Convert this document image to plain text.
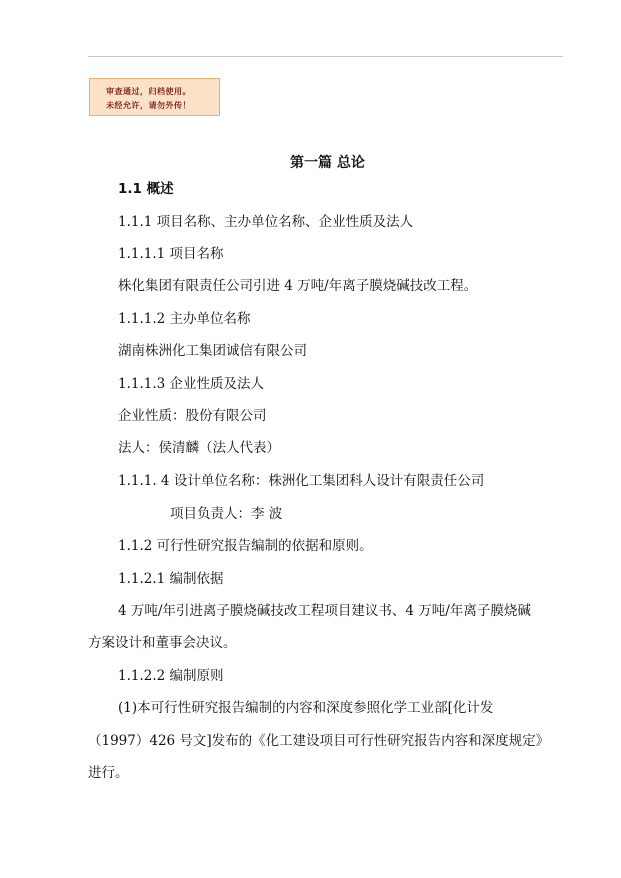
审查通过，归档使用。
未经允许，请勿外传！
第一篇 总论
1.1 概述
1.1.1 项目名称、主办单位名称、企业性质及法人
1.1.1.1 项目名称
株化集团有限责任公司引进 4 万吨/年离子膜烧碱技改工程。
1.1.1.2 主办单位名称
湖南株洲化工集团诚信有限公司
1.1.1.3 企业性质及法人
企业性质：股份有限公司
法人：侯清麟（法人代表）
1.1.1. 4 设计单位名称：株洲化工集团科人设计有限责任公司
项目负责人：李 波
1.1.2 可行性研究报告编制的依据和原则。
1.1.2.1 编制依据
4 万吨/年引进离子膜烧碱技改工程项目建议书、4 万吨/年离子膜烧碱
方案设计和董事会决议。
1.1.2.2 编制原则
(1)本可行性研究报告编制的内容和深度参照化学工业部[化计发
（1997）426 号文]发布的《化工建设项目可行性研究报告内容和深度规定》
进行。
